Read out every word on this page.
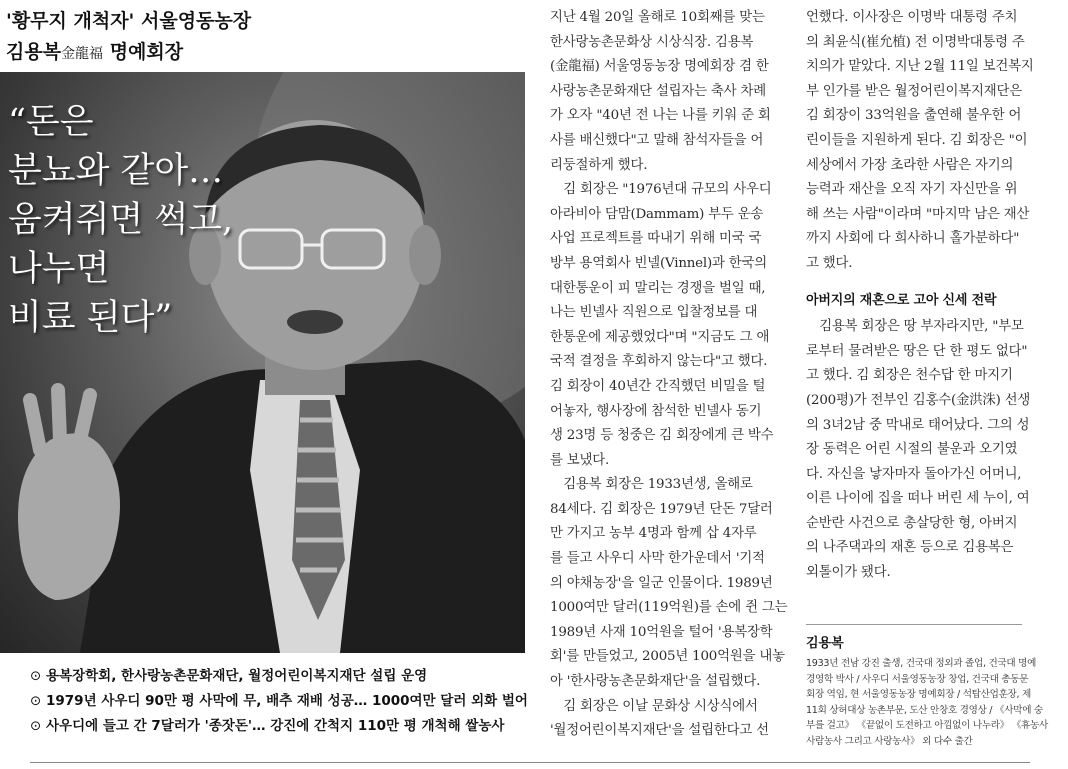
'황무지 개척자' 서울영동농장
김용복金龍福 명예회장
“돈은
분뇨와 같아…
움켜쥐면 썩고,
나누면
비료 된다”
⊙ 용복장학회, 한사랑농촌문화재단, 월정어린이복지재단 설립 운영
⊙ 1979년 사우디 90만 평 사막에 무, 배추 재배 성공… 1000여만 달러 외화 벌어
⊙ 사우디에 들고 간 7달러가 '종잣돈'… 강진에 간척지 110만 평 개척해 쌀농사
지난 4월 20일 올해로 10회째를 맞는
한사랑농촌문화상 시상식장. 김용복
(金龍福) 서울영동농장 명예회장 겸 한
사랑농촌문화재단 설립자는 축사 차례
가 오자 "40년 전 나는 나를 키워 준 회
사를 배신했다"고 말해 참석자들을 어
리둥절하게 했다.
　김 회장은 "1976년대 규모의 사우디
아라비아 담맘(Dammam) 부두 운송
사업 프로젝트를 따내기 위해 미국 국
방부 용역회사 빈넬(Vinnel)과 한국의
대한통운이 피 말리는 경쟁을 벌일 때,
나는 빈넬사 직원으로 입찰정보를 대
한통운에 제공했었다"며 "지금도 그 애
국적 결정을 후회하지 않는다"고 했다.
김 회장이 40년간 간직했던 비밀을 털
어놓자, 행사장에 참석한 빈넬사 동기
생 23명 등 청중은 김 회장에게 큰 박수
를 보냈다.
　김용복 회장은 1933년생, 올해로
84세다. 김 회장은 1979년 단돈 7달러
만 가지고 농부 4명과 함께 삽 4자루
를 들고 사우디 사막 한가운데서 '기적
의 야채농장'을 일군 인물이다. 1989년
1000여만 달러(119억원)를 손에 쥔 그는
1989년 사재 10억원을 털어 '용복장학
회'를 만들었고, 2005년 100억원을 내놓
아 '한사랑농촌문화재단'을 설립했다.
　김 회장은 이날 문화상 시상식에서
'월정어린이복지재단'을 설립한다고 선
언했다. 이사장은 이명박 대통령 주치
의 최윤식(崔允植) 전 이명박대통령 주
치의가 맡았다. 지난 2월 11일 보건복지
부 인가를 받은 월정어린이복지재단은
김 회장이 33억원을 출연해 불우한 어
린이들을 지원하게 된다. 김 회장은 "이
세상에서 가장 초라한 사람은 자기의
능력과 재산을 오직 자기 자신만을 위
해 쓰는 사람"이라며 "마지막 남은 재산
까지 사회에 다 희사하니 홀가분하다"
고 했다.
아버지의 재혼으로 고아 신세 전락
　김용복 회장은 땅 부자라지만, "부모
로부터 물려받은 땅은 단 한 평도 없다"
고 했다. 김 회장은 천수답 한 마지기
(200평)가 전부인 김홍수(金洪洙) 선생
의 3녀2남 중 막내로 태어났다. 그의 성
장 동력은 어린 시절의 불운과 오기였
다. 자신을 낳자마자 돌아가신 어머니,
이른 나이에 집을 떠나 버린 세 누이, 여
순반란 사건으로 총살당한 형, 아버지
의 나주댁과의 재혼 등으로 김용복은
외톨이가 됐다.
김용복
1933년 전남 강진 출생, 건국대 정외과 졸업, 건국대 명예
경영학 박사 / 사우디 서울영동농장 창업, 건국대 총동문
회장 역임, 현 서울영동농장 명예회장 / 석탑산업훈장, 제
11회 상허대상 농촌부문, 도산 안창호 경영상 / 《사막에 숭
부를 걸고》 《끝없이 도전하고 아낌없이 나누라》 《휴농사
사람농사 그리고 사랑농사》 외 다수 출간
